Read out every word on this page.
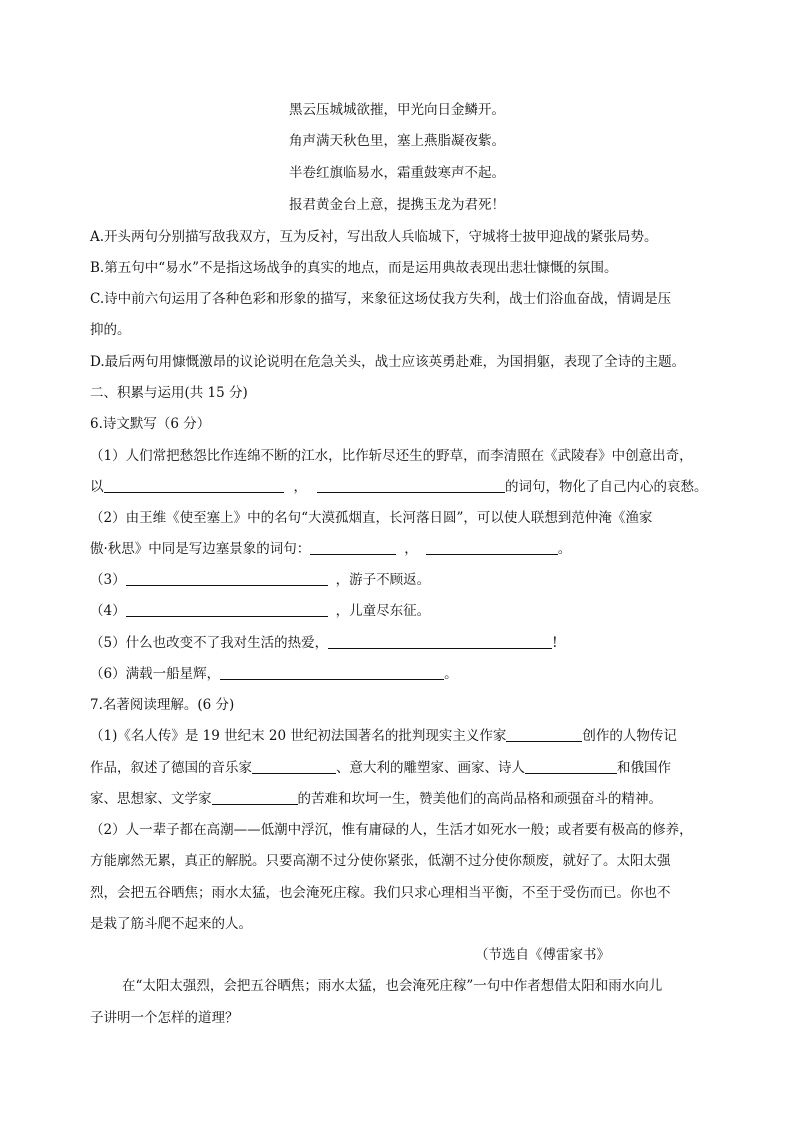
黑云压城城欲摧，甲光向日金鳞开。
角声满天秋色里，塞上燕脂凝夜紫。
半卷红旗临易水，霜重鼓寒声不起。
报君黄金台上意，提携玉龙为君死！
A.开头两句分别描写敌我双方，互为反衬，写出敌人兵临城下，守城将士披甲迎战的紧张局势。
B.第五句中“易水”不是指这场战争的真实的地点，而是运用典故表现出悲壮慷慨的氛围。
C.诗中前六句运用了各种色彩和形象的描写，来象征这场仗我方失利，战士们浴血奋战，情调是压
抑的。
D.最后两句用慷慨激昂的议论说明在危急关头，战士应该英勇赴难，为国捐躯，表现了全诗的主题。
二、积累与运用(共 15 分)
6.诗文默写（6 分）
（1）人们常把愁怨比作连绵不断的江水，比作斩尽还生的野草，而李清照在《武陵春》中创意出奇，
以	，	的词句，物化了自己内心的哀愁。
（2）由王维《使至塞上》中的名句“大漠孤烟直，长河落日圆”，可以使人联想到范仲淹《渔家
傲·秋思》中同是写边塞景象的词句：	，	。
（3）	，游子不顾返。
（4）	，儿童尽东征。
（5）什么也改变不了我对生活的热爱，	!
（6）满载一船星辉，	。
7.名著阅读理解。(6 分)
（1)《名人传》是 19 世纪末 20 世纪初法国著名的批判现实主义作家	创作的人物传记
作品，叙述了德国的音乐家	、意大利的雕塑家、画家、诗人	和俄国作
家、思想家、文学家	的苦难和坎坷一生，赞美他们的高尚品格和顽强奋斗的精神。
（2）人一辈子都在高潮——低潮中浮沉，惟有庸碌的人，生活才如死水一般；或者要有极高的修养，
方能廓然无累，真正的解脱。只要高潮不过分使你紧张，低潮不过分使你颓废，就好了。太阳太强
烈，会把五谷晒焦；雨水太猛，也会淹死庄稼。我们只求心理相当平衡，不至于受伤而已。你也不
是栽了筋斗爬不起来的人。
（节选自《傅雷家书》
在“太阳太强烈，会把五谷晒焦；雨水太猛，也会淹死庄稼”一句中作者想借太阳和雨水向儿
子讲明一个怎样的道理？
